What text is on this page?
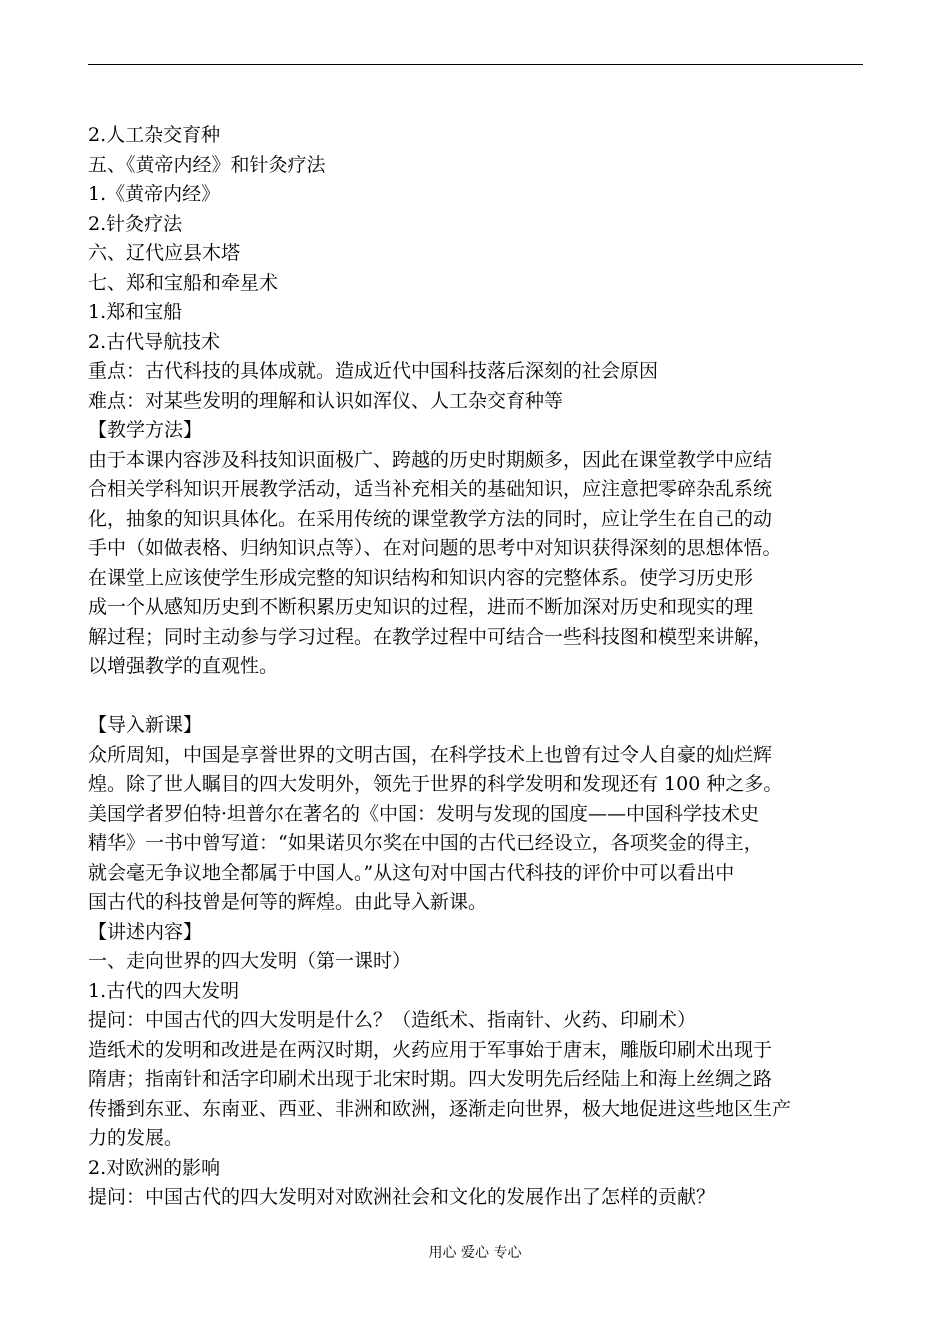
2.人工杂交育种
五、《黄帝内经》和针灸疗法
1.《黄帝内经》
2.针灸疗法
六、辽代应县木塔
七、郑和宝船和牵星术
1.郑和宝船
2.古代导航技术
重点：古代科技的具体成就。造成近代中国科技落后深刻的社会原因
难点：对某些发明的理解和认识如浑仪、人工杂交育种等
【教学方法】
由于本课内容涉及科技知识面极广、跨越的历史时期颇多，因此在课堂教学中应结
合相关学科知识开展教学活动，适当补充相关的基础知识，应注意把零碎杂乱系统
化，抽象的知识具体化。在采用传统的课堂教学方法的同时，应让学生在自己的动
手中（如做表格、归纳知识点等）、在对问题的思考中对知识获得深刻的思想体悟。
在课堂上应该使学生形成完整的知识结构和知识内容的完整体系。使学习历史形
成一个从感知历史到不断积累历史知识的过程，进而不断加深对历史和现实的理
解过程；同时主动参与学习过程。在教学过程中可结合一些科技图和模型来讲解，
以增强教学的直观性。
【导入新课】
众所周知，中国是享誉世界的文明古国，在科学技术上也曾有过令人自豪的灿烂辉
煌。除了世人瞩目的四大发明外，领先于世界的科学发明和发现还有 100 种之多。
美国学者罗伯特·坦普尔在著名的《中国：发明与发现的国度——中国科学技术史
精华》一书中曾写道：“如果诺贝尔奖在中国的古代已经设立，各项奖金的得主，
就会毫无争议地全都属于中国人。”从这句对中国古代科技的评价中可以看出中
国古代的科技曾是何等的辉煌。由此导入新课。
【讲述内容】
一、走向世界的四大发明（第一课时）
1.古代的四大发明
提问：中国古代的四大发明是什么？（造纸术、指南针、火药、印刷术）
造纸术的发明和改进是在两汉时期，火药应用于军事始于唐末，雕版印刷术出现于
隋唐；指南针和活字印刷术出现于北宋时期。四大发明先后经陆上和海上丝绸之路
传播到东亚、东南亚、西亚、非洲和欧洲，逐渐走向世界，极大地促进这些地区生产
力的发展。
2.对欧洲的影响
提问：中国古代的四大发明对对欧洲社会和文化的发展作出了怎样的贡献？
用心 爱心 专心
